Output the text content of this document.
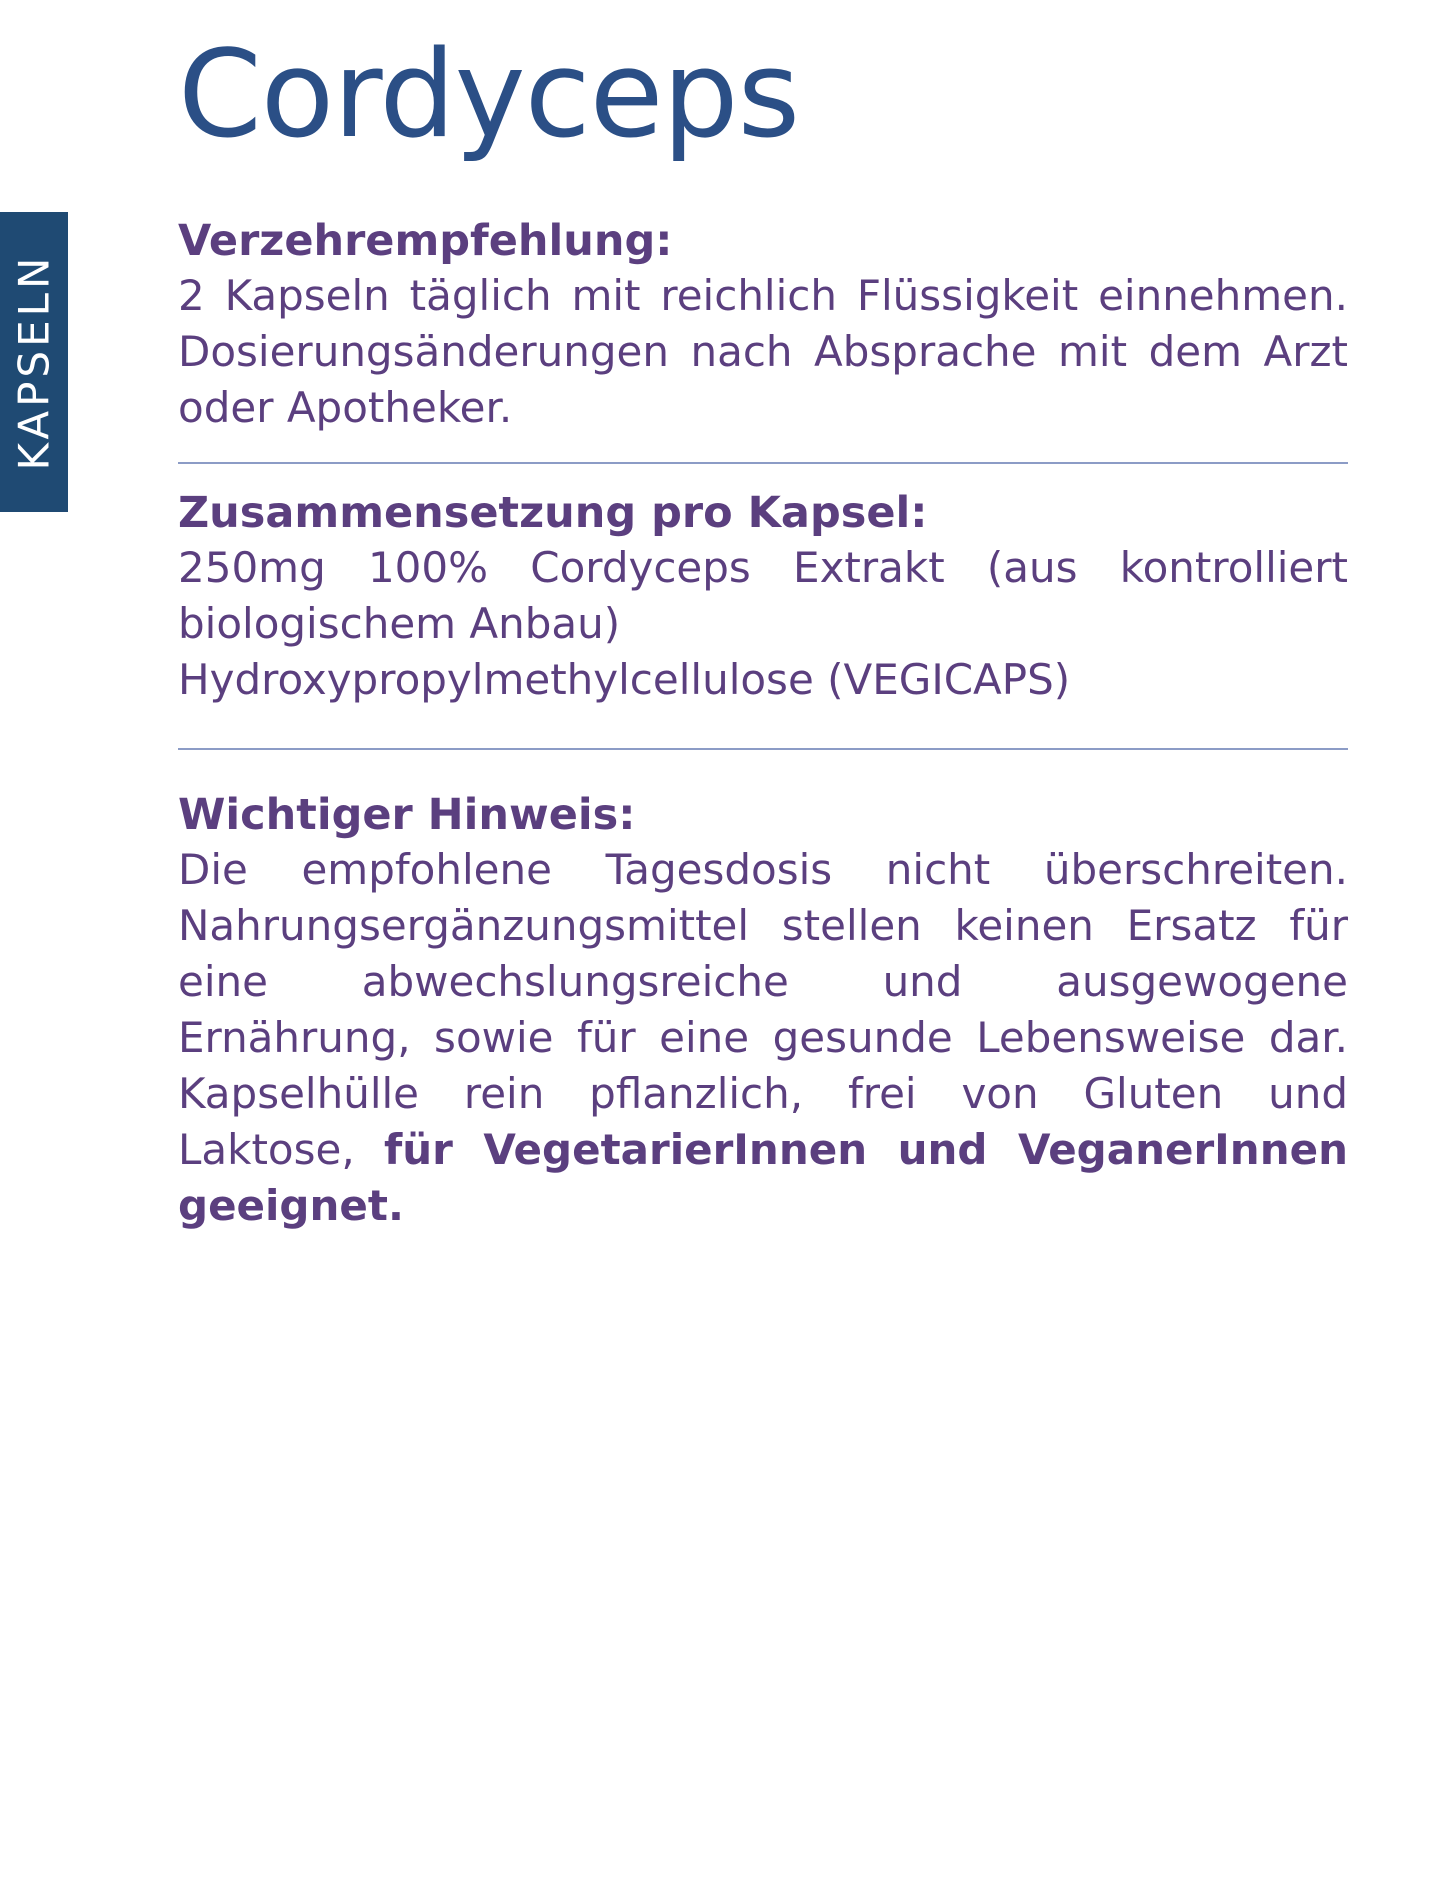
KAPSELN
Cordyceps
Verzehrempfehlung:
2 Kapseln täglich mit reichlich Flüssigkeit einnehmen. Dosierungsänderungen nach Absprache mit dem Arzt oder Apotheker.
Zusammensetzung pro Kapsel:
250mg 100% Cordyceps Extrakt (aus kontrolliert biologischem Anbau)
Hydroxypropylmethylcellulose (VEGICAPS)
Wichtiger Hinweis:
Die empfohlene Tagesdosis nicht überschreiten. Nahrungsergänzungsmittel stellen keinen Ersatz für eine abwechslungsreiche und ausgewogene Ernährung, sowie für eine gesunde Lebensweise dar. Kapselhülle rein pflanzlich, frei von Gluten und Laktose, für VegetarierInnen und VeganerInnen geeignet.
